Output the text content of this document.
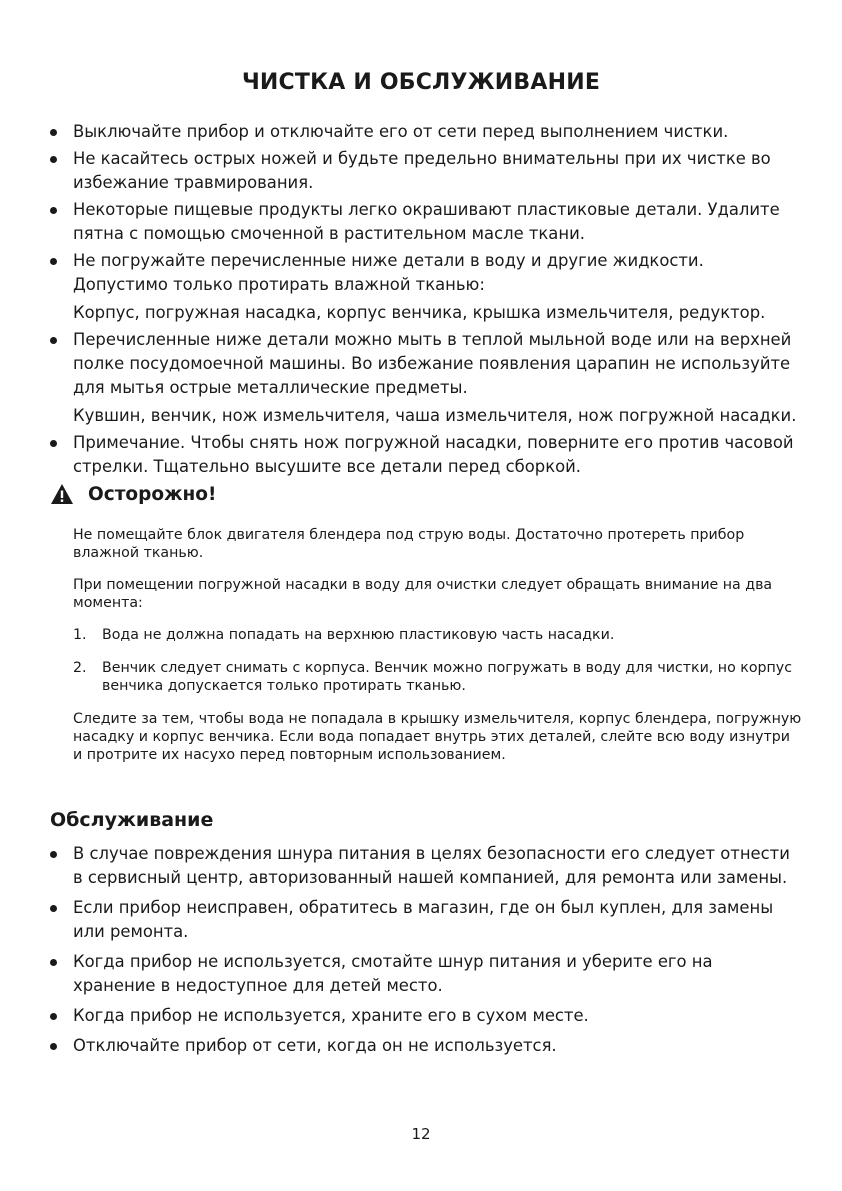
ЧИСТКА И ОБСЛУЖИВАНИЕ
Выключайте прибор и отключайте его от сети перед выполнением чистки.
Не касайтесь острых ножей и будьте предельно внимательны при их чистке во избежание травмирования.
Некоторые пищевые продукты легко окрашивают пластиковые детали. Удалите пятна с помощью смоченной в растительном масле ткани.
Не погружайте перечисленные ниже детали в воду и другие жидкости. Допустимо только протирать влажной тканью:
Корпус, погружная насадка, корпус венчика, крышка измельчителя, редуктор.
Перечисленные ниже детали можно мыть в теплой мыльной воде или на верхней полке посудомоечной машины. Во избежание появления царапин не используйте для мытья острые металлические предметы.
Кувшин, венчик, нож измельчителя, чаша измельчителя, нож погружной насадки.
Примечание. Чтобы снять нож погружной насадки, поверните его против часовой стрелки. Тщательно высушите все детали перед сборкой.
Осторожно!

Не помещайте блок двигателя блендера под струю воды. Достаточно протереть прибор влажной тканью.

При помещении погружной насадки в воду для очистки следует обращать внимание на два момента:

1. Вода не должна попадать на верхнюю пластиковую часть насадки.
2. Венчик следует снимать с корпуса. Венчик можно погружать в воду для чистки, но корпус венчика допускается только протирать тканью.

Следите за тем, чтобы вода не попадала в крышку измельчителя, корпус блендера, погружную насадку и корпус венчика. Если вода попадает внутрь этих деталей, слейте всю воду изнутри и протрите их насухо перед повторным использованием.

Обслуживание
В случае повреждения шнура питания в целях безопасности его следует отнести в сервисный центр, авторизованный нашей компанией, для ремонта или замены.
Если прибор неисправен, обратитесь в магазин, где он был куплен, для замены или ремонта.
Когда прибор не используется, смотайте шнур питания и уберите его на хранение в недоступное для детей место.
Когда прибор не используется, храните его в сухом месте.
Отключайте прибор от сети, когда он не используется.
12
